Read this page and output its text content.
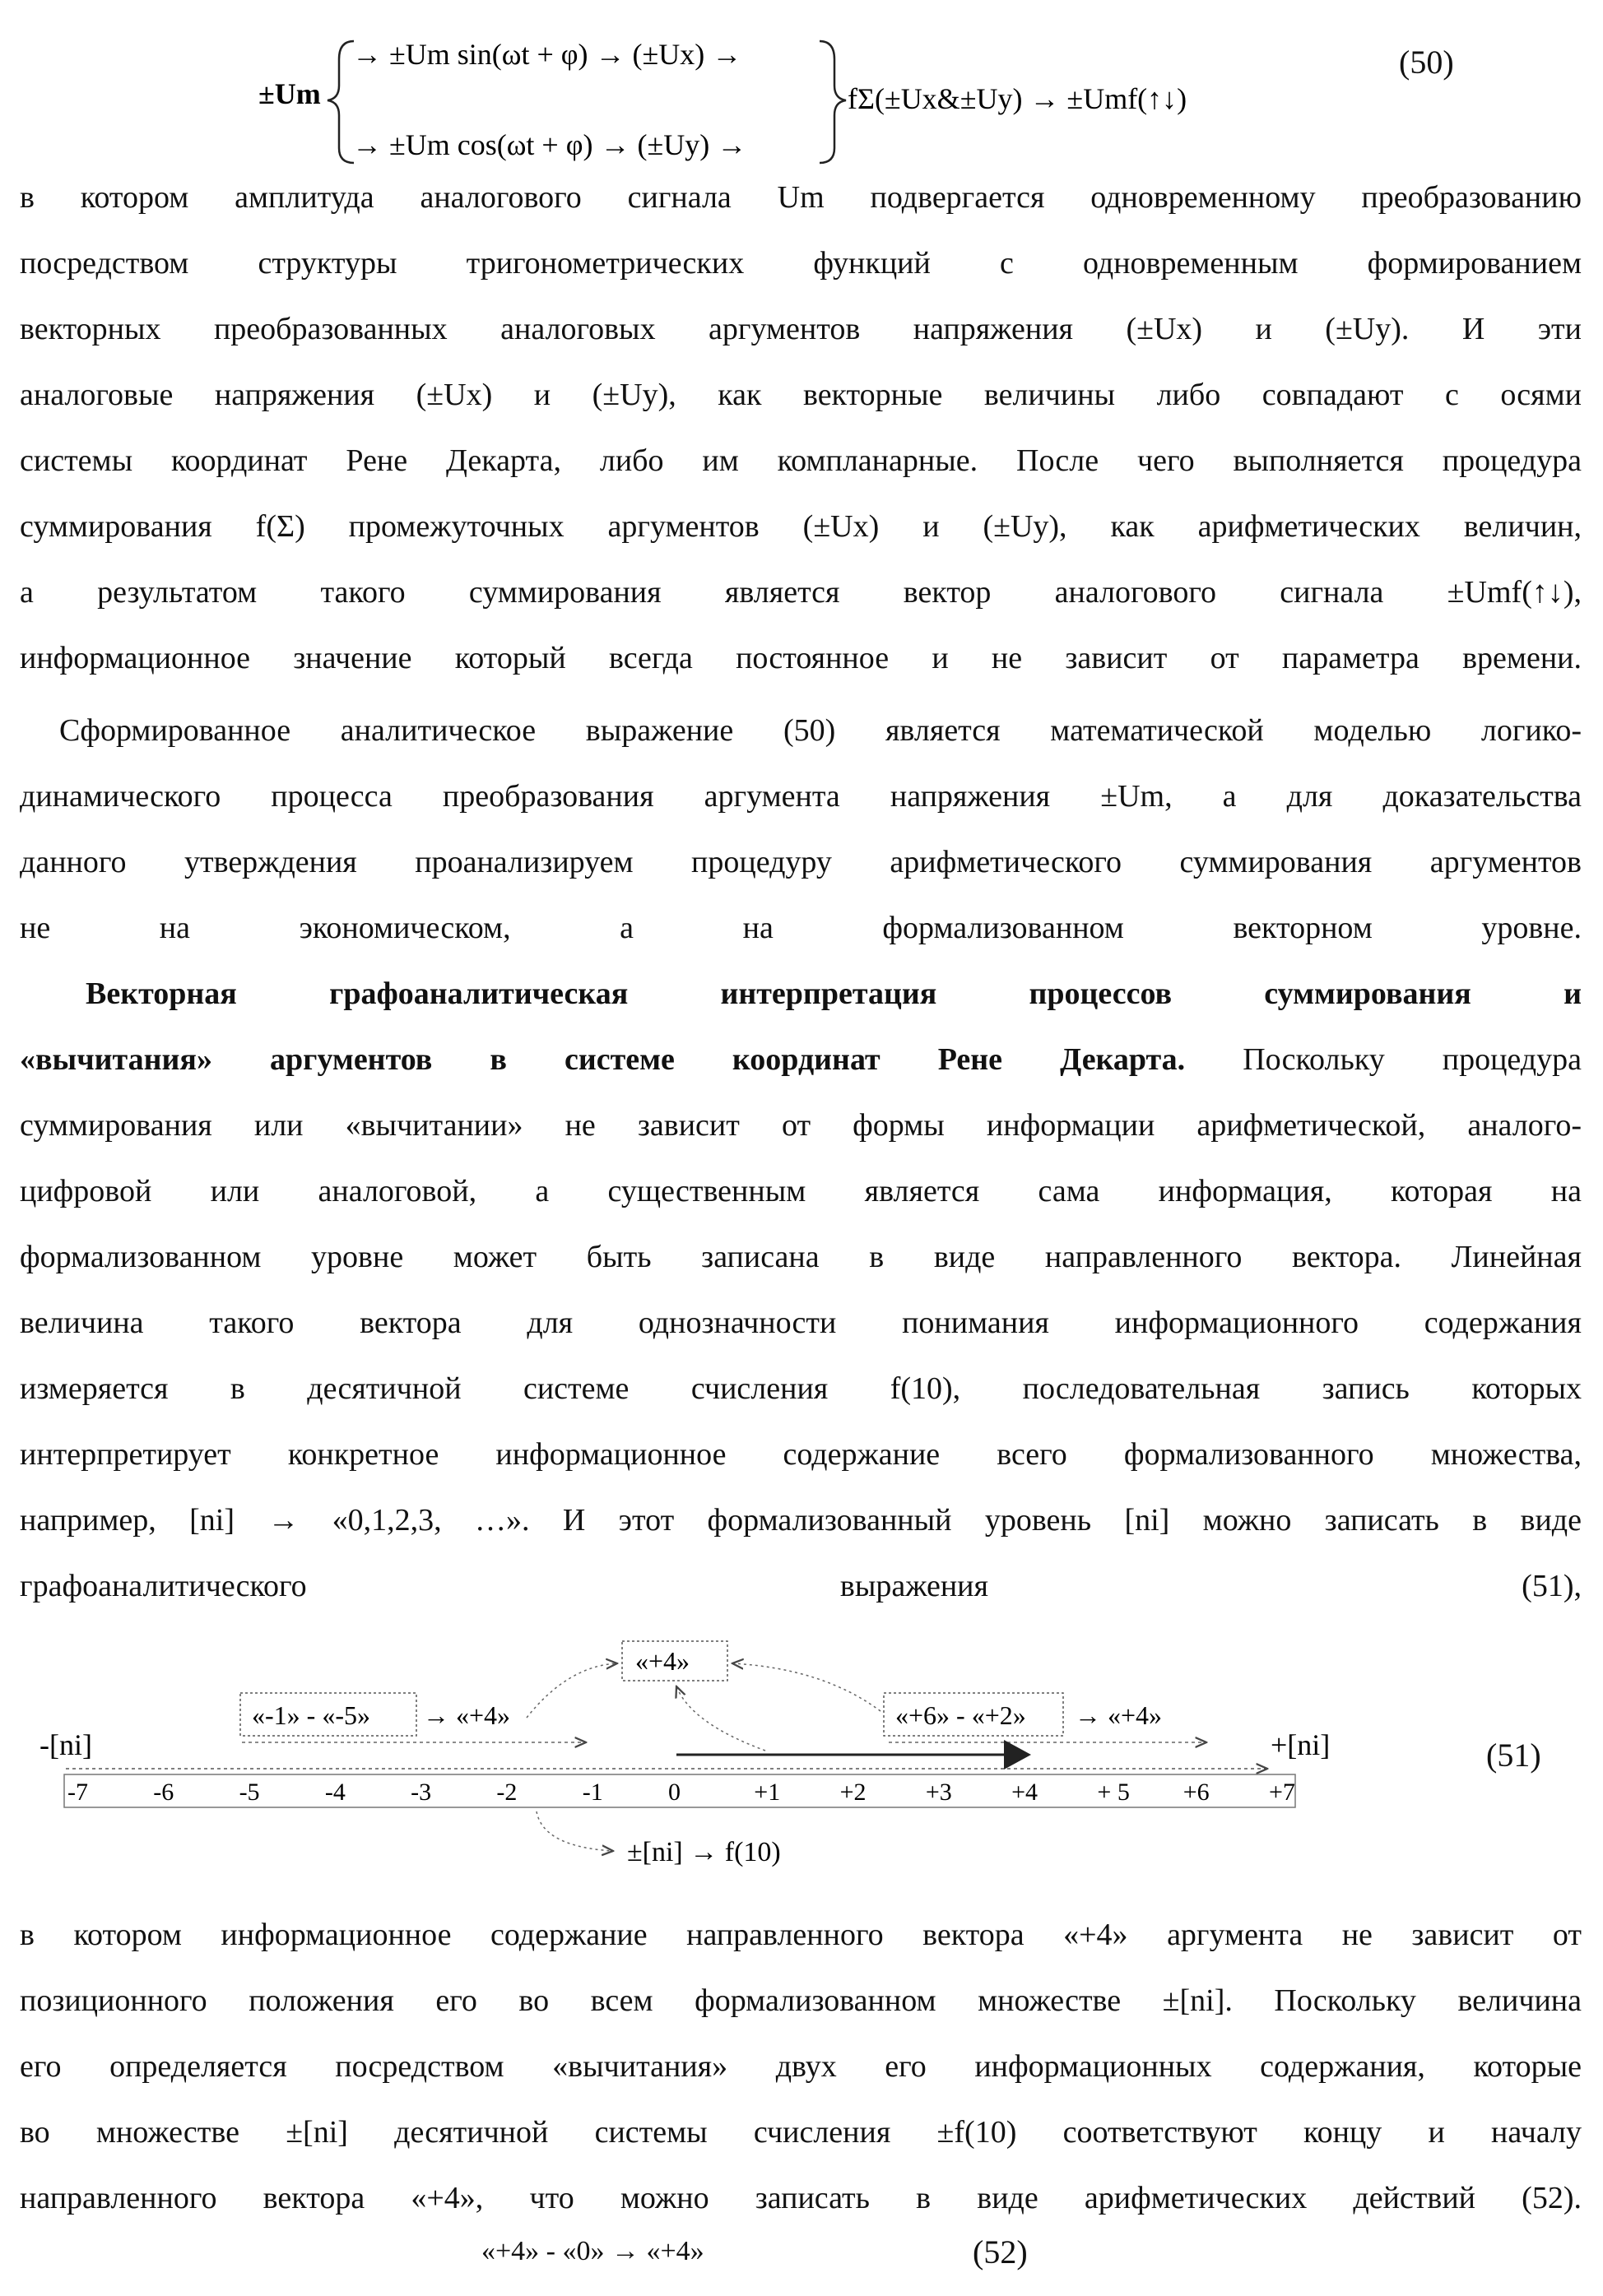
±Um
→ ±Um sin(ωt + φ) → (±Ux) →
→ ±Um cos(ωt + φ) → (±Uy) →
fΣ(±Ux&±Uy) → ±Umf(↑↓)
(50)
в котором амплитуда аналогового сигнала Um подвергается одновременному преобразованию
посредством структуры тригонометрических функций с одновременным формированием
векторных преобразованных аналоговых аргументов напряжения (±Ux) и (±Uy). И эти
аналоговые напряжения (±Ux) и (±Uy), как векторные величины либо совпадают с осями
системы координат Рене Декарта, либо им компланарные. После чего выполняется процедура
суммирования f(Σ) промежуточных аргументов (±Ux) и (±Uy), как арифметических величин,
а результатом такого суммирования является вектор аналогового сигнала ±Umf(↑↓),
информационное значение который всегда постоянное и не зависит от параметра времени.
Сформированное аналитическое выражение (50) является математической моделью логико-
динамического процесса преобразования аргумента напряжения ±Um, а для доказательства
данного утверждения проанализируем процедуру арифметического суммирования аргументов
не на экономическом, а на формализованном векторном уровне.
Векторная	графоаналитическая	интерпретация	процессов	суммирования	и
«вычитания» аргументов в системе координат Рене Декарта. Поскольку процедура
суммирования или «вычитании» не зависит от формы информации арифметической, аналого-
цифровой или аналоговой, а существенным является сама информация, которая на
формализованном уровне может быть записана в виде направленного вектора. Линейная
величина такого вектора для однозначности понимания информационного содержания
измеряется в десятичной системе счисления f(10), последовательная запись которых
интерпретирует конкретное информационное содержание всего формализованного множества,
например, [ni] → «0,1,2,3, …». И этот формализованный уровень [ni] можно записать в виде
графоаналитического выражения (51),
«+4»
«-1» - «-5» → «+4»	«+6» - «+2» → «+4»
-[ni]	+[ni]
-7	-6	-5	-4	-3	-2	-1	0	+1 +2 +3 +4 + 5 +6 +7
±[ni] → f(10)
(51)
в котором информационное содержание направленного вектора «+4» аргумента не зависит от
позиционного положения его во всем формализованном множестве ±[ni]. Поскольку величина
его определяется посредством «вычитания» двух его информационных содержания, которые
во множестве ±[ni] десятичной системы счисления ±f(10) соответствуют концу и началу
направленного вектора «+4», что можно записать в виде арифметических действий (52).
«+4» - «0» → «+4»	(52)
